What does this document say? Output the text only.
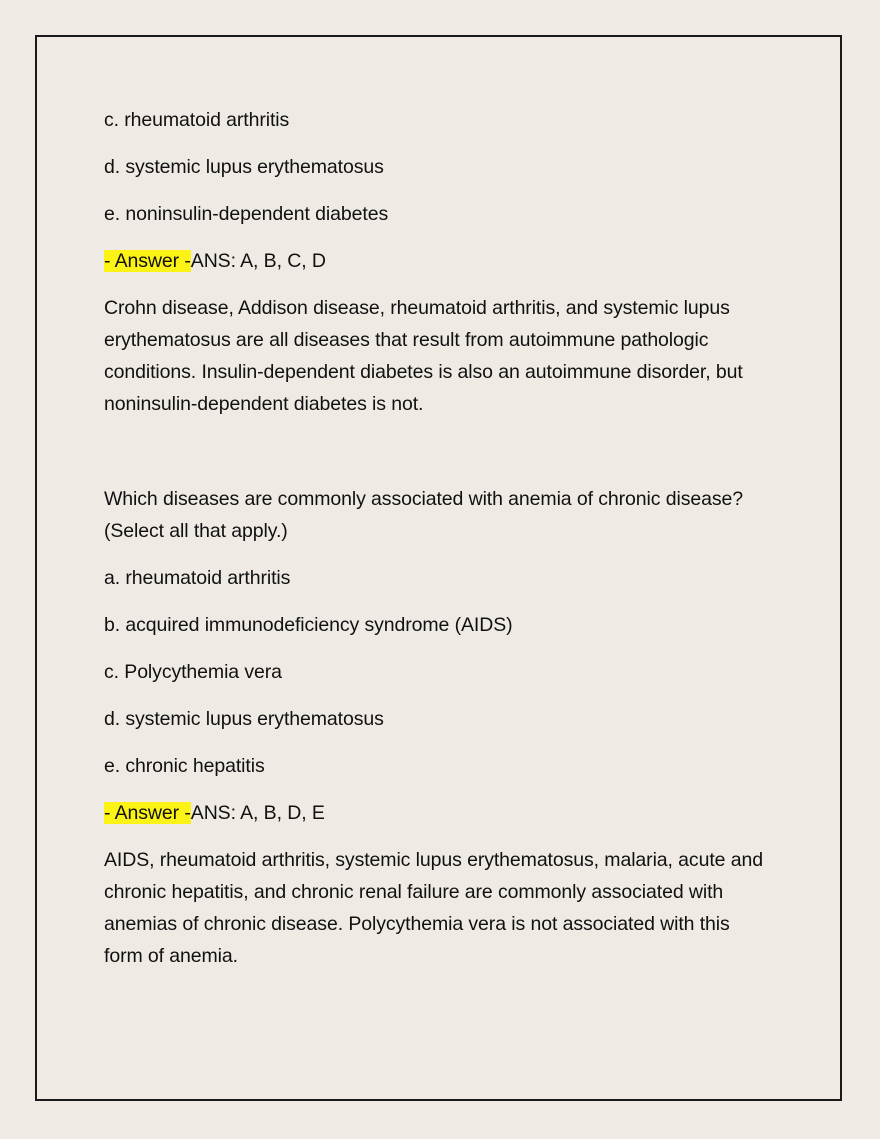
c. rheumatoid arthritis

d. systemic lupus erythematosus

e. noninsulin-dependent diabetes

- Answer -ANS: A, B, C, D

Crohn disease, Addison disease, rheumatoid arthritis, and systemic lupus erythematosus are all diseases that result from autoimmune pathologic conditions. Insulin-dependent diabetes is also an autoimmune disorder, but noninsulin-dependent diabetes is not.

Which diseases are commonly associated with anemia of chronic disease? (Select all that apply.)

a. rheumatoid arthritis

b. acquired immunodeficiency syndrome (AIDS)

c. Polycythemia vera

d. systemic lupus erythematosus

e. chronic hepatitis

- Answer -ANS: A, B, D, E

AIDS, rheumatoid arthritis, systemic lupus erythematosus, malaria, acute and chronic hepatitis, and chronic renal failure are commonly associated with anemias of chronic disease. Polycythemia vera is not associated with this form of anemia.
